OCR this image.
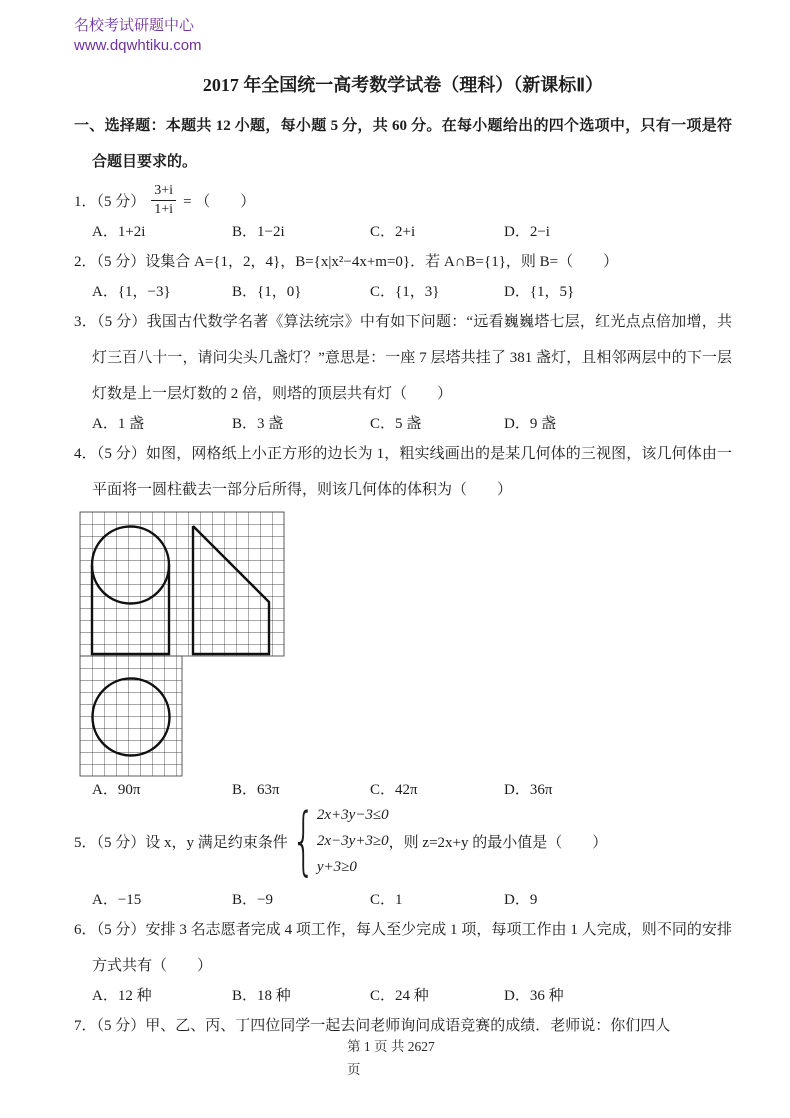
名校考试研题中心
www.dqwhtiku.com
2017 年全国统一高考数学试卷（理科）（新课标Ⅱ）

一、选择题：本题共 12 小题，每小题 5 分，共 60 分。在每小题给出的四个选项中，只有一项是符合题目要求的。

1．（5 分） $\frac{3+i}{1+i}$ = （　　）
A．1+2i	B．1−2i	C．2+i	D．2−i

2．（5 分）设集合 A={1，2，4}，B={x|x²−4x+m=0}．若 A∩B={1}，则 B=（　　）

A．{1，−3}	B．{1，0}	C．{1，3}	D．{1，5}

3．（5 分）我国古代数学名著《算法统宗》中有如下问题：“远看巍巍塔七层，红光点点倍加增，共灯三百八十一，请问尖头几盏灯？”意思是：一座 7 层塔共挂了 381 盏灯，且相邻两层中的下一层灯数是上一层灯数的 2 倍，则塔的顶层共有灯（　　）

A．1 盏	B．3 盏	C．5 盏	D．9 盏

4．（5 分）如图，网格纸上小正方形的边长为 1，粗实线画出的是某几何体的三视图，该几何体由一平面将一圆柱截去一部分后所得，则该几何体的体积为（　　）

A．90π	B．63π	C．42π	D．36π
5．（5 分） 设 x，y 满足约束条件 { 2x+3y−3≤0
2x−3y+3≥0
y+3≥0
，则 z=2x+y 的最小值是（　　）
A．−15	B．−9	C．1	D．9

6．（5 分）安排 3 名志愿者完成 4 项工作，每人至少完成 1 项，每项工作由 1 人完成，则不同的安排方式共有（　　）

A．12 种	B．18 种	C．24 种	D．36 种

7．（5 分）甲、乙、丙、丁四位同学一起去问老师询问成语竞赛的成绩．老师说：你们四人

第 1 页 共 2627
页
